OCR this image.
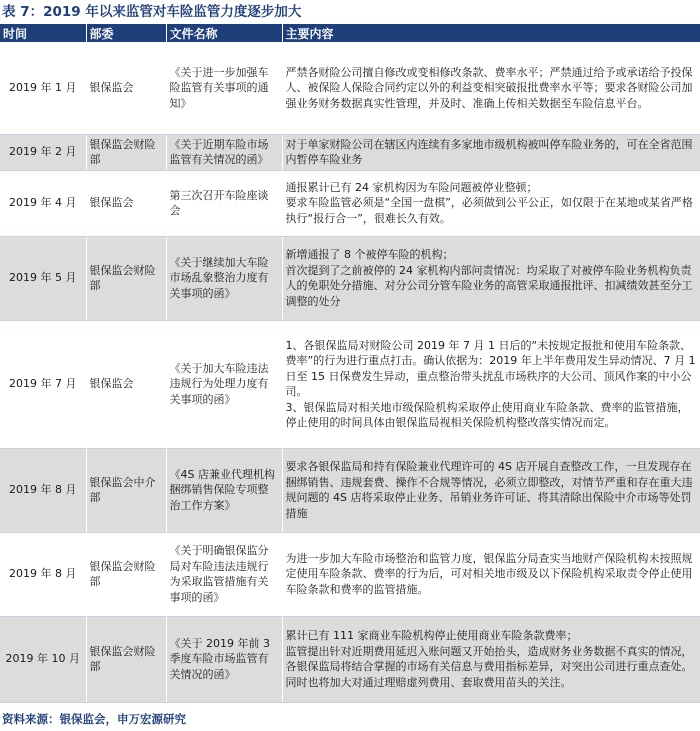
表 7：2019 年以来监管对车险监管力度逐步加大
时间	部委	文件名称	主要内容
2019 年 1 月	银保监会	《关于进一步加强车险监管有关事项的通知》	严禁各财险公司擅自修改或变相修改条款、费率水平；严禁通过给予或承诺给予投保人、被保险人保险合同约定以外的利益变相突破报批费率水平等；要求各财险公司加强业务财务数据真实性管理，并及时、准确上传相关数据至车险信息平台。

2019 年 2 月	银保监会财险部	《关于近期车险市场监管有关情况的函》	对于单家财险公司在辖区内连续有多家地市级机构被叫停车险业务的，可在全省范围内暂停车险业务

2019 年 4 月	银保监会	第三次召开车险座谈会	通报累计已有 24 家机构因为车险问题被停业整顿；
要求车险监管必须是“全国一盘棋”，必须做到公平公正，如仅限于在某地或某省严格执行“报行合一”，很难长久有效。

2019 年 5 月	银保监会财险部	《关于继续加大车险市场乱象整治力度有关事项的函》	新增通报了 8 个被停车险的机构；
首次提到了之前被停的 24 家机构内部问责情况：均采取了对被停车险业务机构负责人的免职处分措施、对分公司分管车险业务的高管采取通报批评、扣减绩效甚至分工调整的处分

2019 年 7 月	银保监会	《关于加大车险违法违规行为处理力度有关事项的函》	1、各银保监局对财险公司 2019 年 7 月 1 日后的“未按规定报批和使用车险条款、费率”的行为进行重点打击。确认依据为：2019 年上半年费用发生异动情况、7 月 1 日至 15 日保费发生异动，重点整治带头扰乱市场秩序的大公司、顶风作案的中小公司。
3、银保监局对相关地市级保险机构采取停止使用商业车险条款、费率的监管措施，停止使用的时间具体由银保监局视相关保险机构整改落实情况而定。

2019 年 8 月	银保监会中介部	《4S 店兼业代理机构捆绑销售保险专项整治工作方案》	要求各银保监局和持有保险兼业代理许可的 4S 店开展自查整改工作，一旦发现存在捆绑销售、违规套费、操作不合规等情况，必须立即整改，对情节严重和存在重大违规问题的 4S 店将采取停止业务、吊销业务许可证、将其清除出保险中介市场等处罚措施

2019 年 8 月	银保监会财险部	《关于明确银保监分局对车险违法违规行为采取监管措施有关事项的函》	为进一步加大车险市场整治和监管力度，银保监分局查实当地财产保险机构未按照规定使用车险条款、费率的行为后，可对相关地市级及以下保险机构采取责令停止使用车险条款和费率的监管措施。

2019 年 10 月	银保监会财险部	《关于 2019 年前 3 季度车险市场监管有关情况的函》	累计已有 111 家商业车险机构停止使用商业车险条款费率；
监管提出针对近期费用延迟入账问题又开始抬头，造成财务业务数据不真实的情况，各银保监局将结合掌握的市场有关信息与费用指标差异，对突出公司进行重点查处。同时也将加大对通过理赔虚列费用、套取费用苗头的关注。
资料来源：银保监会，申万宏源研究
